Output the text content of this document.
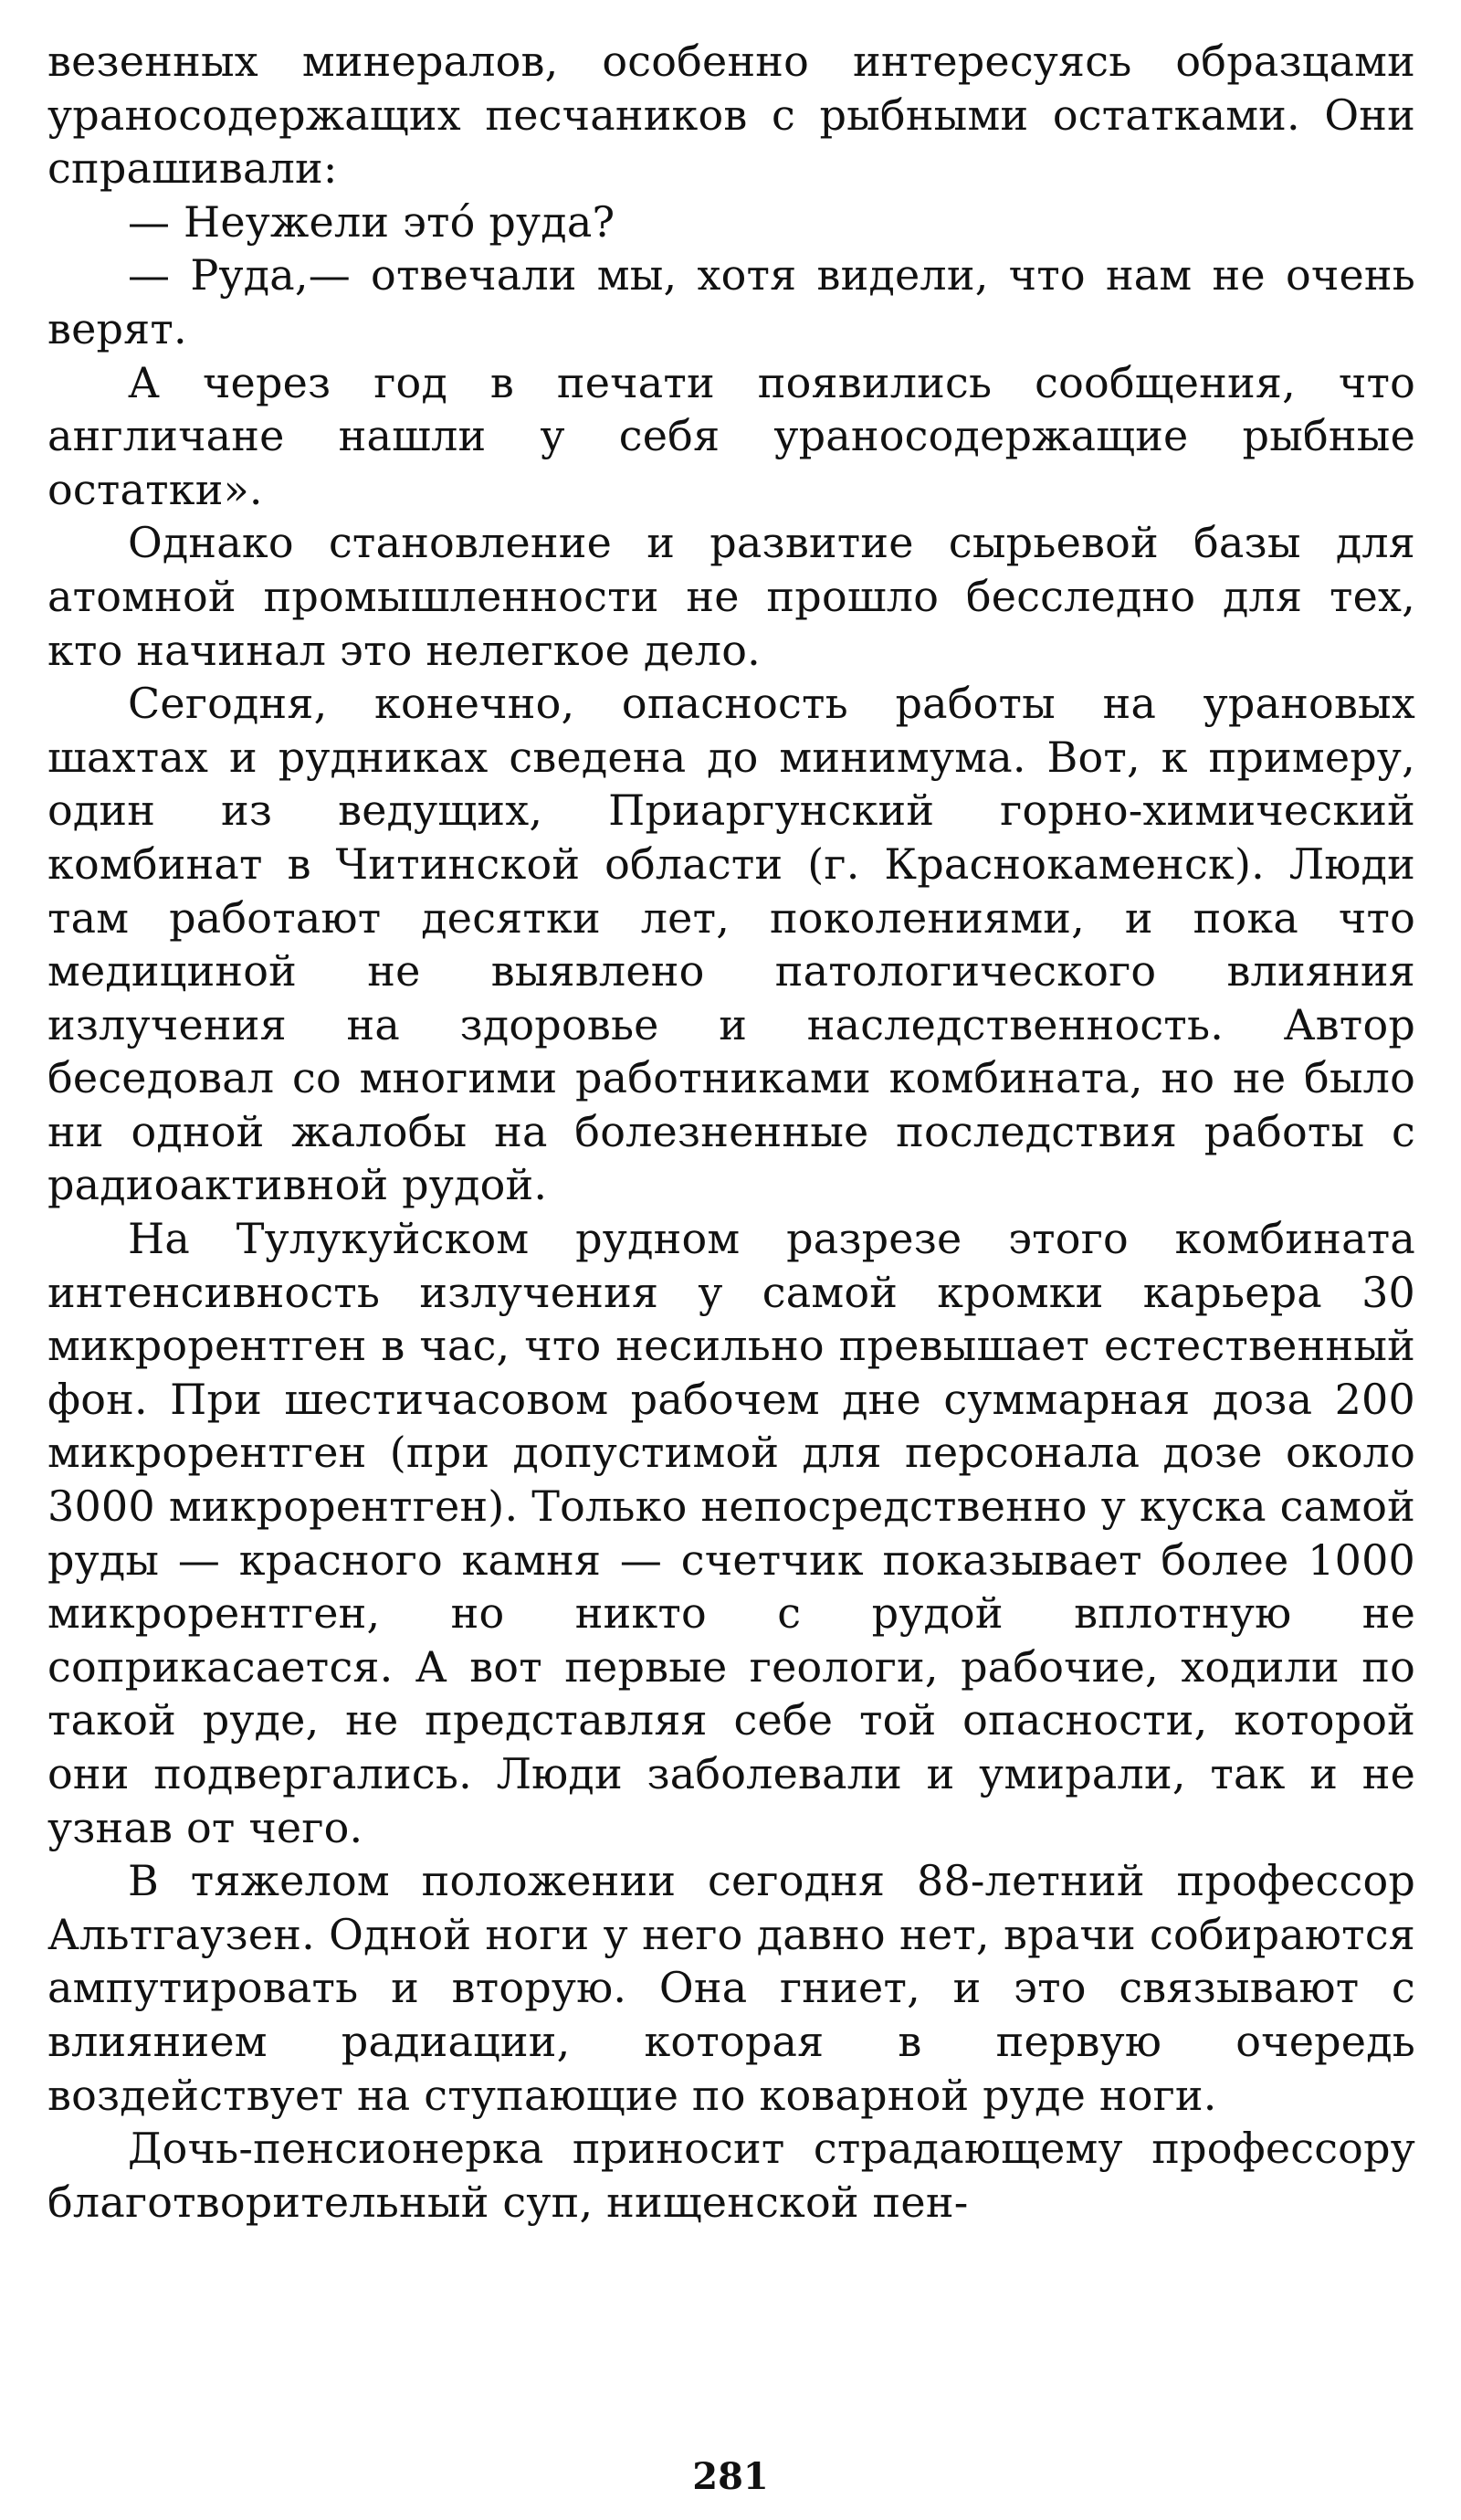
везенных минералов, особенно интересуясь образцами ураносодержащих песчаников с рыбными остатками. Они спрашивали:

— Неужели это́ руда?

— Руда,— отвечали мы, хотя видели, что нам не очень верят.

А через год в печати появились сообщения, что англичане нашли у себя ураносодержащие рыбные остатки».

Однако становление и развитие сырьевой базы для атомной промышленности не прошло бесследно для тех, кто начинал это нелегкое дело.

Сегодня, конечно, опасность работы на урановых шахтах и рудниках сведена до минимума. Вот, к примеру, один из ведущих, Приаргунский горно-химический комбинат в Читинской области (г. Краснокаменск). Люди там работают десятки лет, поколениями, и пока что медициной не выявлено патологического влияния излучения на здоровье и наследственность. Автор беседовал со многими работниками комбината, но не было ни одной жалобы на болезненные последствия работы с радиоактивной рудой.

На Тулукуйском рудном разрезе этого комбината интенсивность излучения у самой кромки карьера 30 микрорентген в час, что несильно превышает естественный фон. При шестичасовом рабочем дне суммарная доза 200 микрорентген (при допустимой для персонала дозе около 3000 микрорентген). Только непосредственно у куска самой руды — красного камня — счетчик показывает более 1000 микрорентген, но никто с рудой вплотную не соприкасается. А вот первые геологи, рабочие, ходили по такой руде, не представляя себе той опасности, которой они подвергались. Люди заболевали и умирали, так и не узнав от чего.

В тяжелом положении сегодня 88-летний профессор Альтгаузен. Одной ноги у него давно нет, врачи собираются ампутировать и вторую. Она гниет, и это связывают с влиянием радиации, которая в первую очередь воздействует на ступающие по коварной руде ноги.

Дочь-пенсионерка приносит страдающему профессору благотворительный суп, нищенской пен-

281
